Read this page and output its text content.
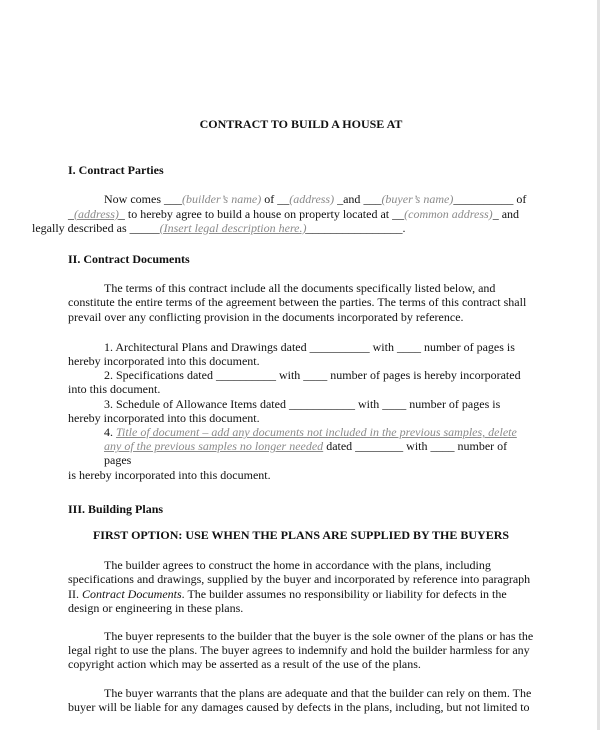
CONTRACT TO BUILD A HOUSE AT
I. Contract Parties

Now comes ___(builder’s name) of __(address) _and ___(buyer’s name)__________ of _(address)_ to hereby agree to build a house on property located at __(common address)_ and
legally described as _____(Insert legal description here.)________________.

II. Contract Documents

The terms of this contract include all the documents specifically listed below, and constitute the entire terms of the agreement between the parties. The terms of this contract shall prevail over any conflicting provision in the documents incorporated by reference.

1. Architectural Plans and Drawings dated __________ with ____ number of pages is
hereby incorporated into this document.
2. Specifications dated __________ with ____ number of pages is hereby incorporated
into this document.
3. Schedule of Allowance Items dated ___________ with ____ number of pages is
hereby incorporated into this document.
4. Title of document – add any documents not included in the previous samples, delete any of the previous samples no longer needed dated ________ with ____ number of pages
is hereby incorporated into this document.
III. Building Plans
FIRST OPTION: USE WHEN THE PLANS ARE SUPPLIED BY THE BUYERS

The builder agrees to construct the home in accordance with the plans, including specifications and drawings, supplied by the buyer and incorporated by reference into paragraph II. Contract Documents. The builder assumes no responsibility or liability for defects in the design or engineering in these plans.

The buyer represents to the builder that the buyer is the sole owner of the plans or has the legal right to use the plans. The buyer agrees to indemnify and hold the builder harmless for any copyright action which may be asserted as a result of the use of the plans.

The buyer warrants that the plans are adequate and that the builder can rely on them. The buyer will be liable for any damages caused by defects in the plans, including, but not limited to
